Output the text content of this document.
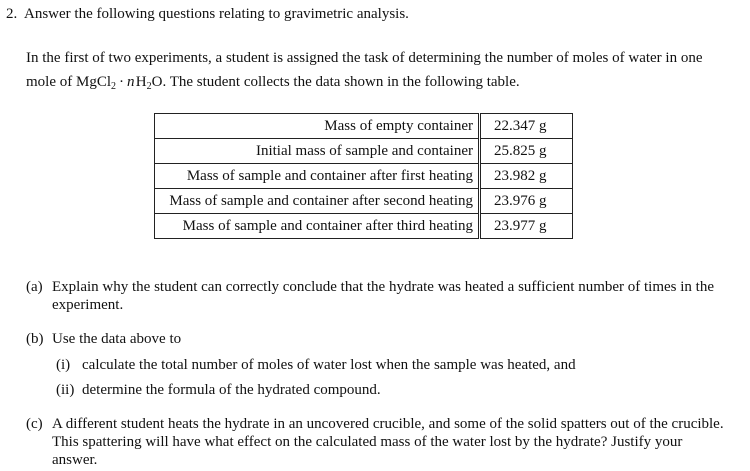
2. Answer the following questions relating to gravimetric analysis.
In the first of two experiments, a student is assigned the task of determining the number of moles of water in one
mole of MgCl$_2$ · n $H_2O$. The student collects the data shown in the following table.
Mass of empty container	22.347 g
Initial mass of sample and container	25.825 g
Mass of sample and container after first heating	23.982 g
Mass of sample and container after second heating	23.976 g
Mass of sample and container after third heating	23.977 g
(a) Explain why the student can correctly conclude that the hydrate was heated a sufficient number of times in the experiment.
(b) Use the data above to
(i) calculate the total number of moles of water lost when the sample was heated, and
(ii) determine the formula of the hydrated compound.
(c) A different student heats the hydrate in an uncovered crucible, and some of the solid spatters out of the crucible. This spattering will have what effect on the calculated mass of the water lost by the hydrate? Justify your answer.
